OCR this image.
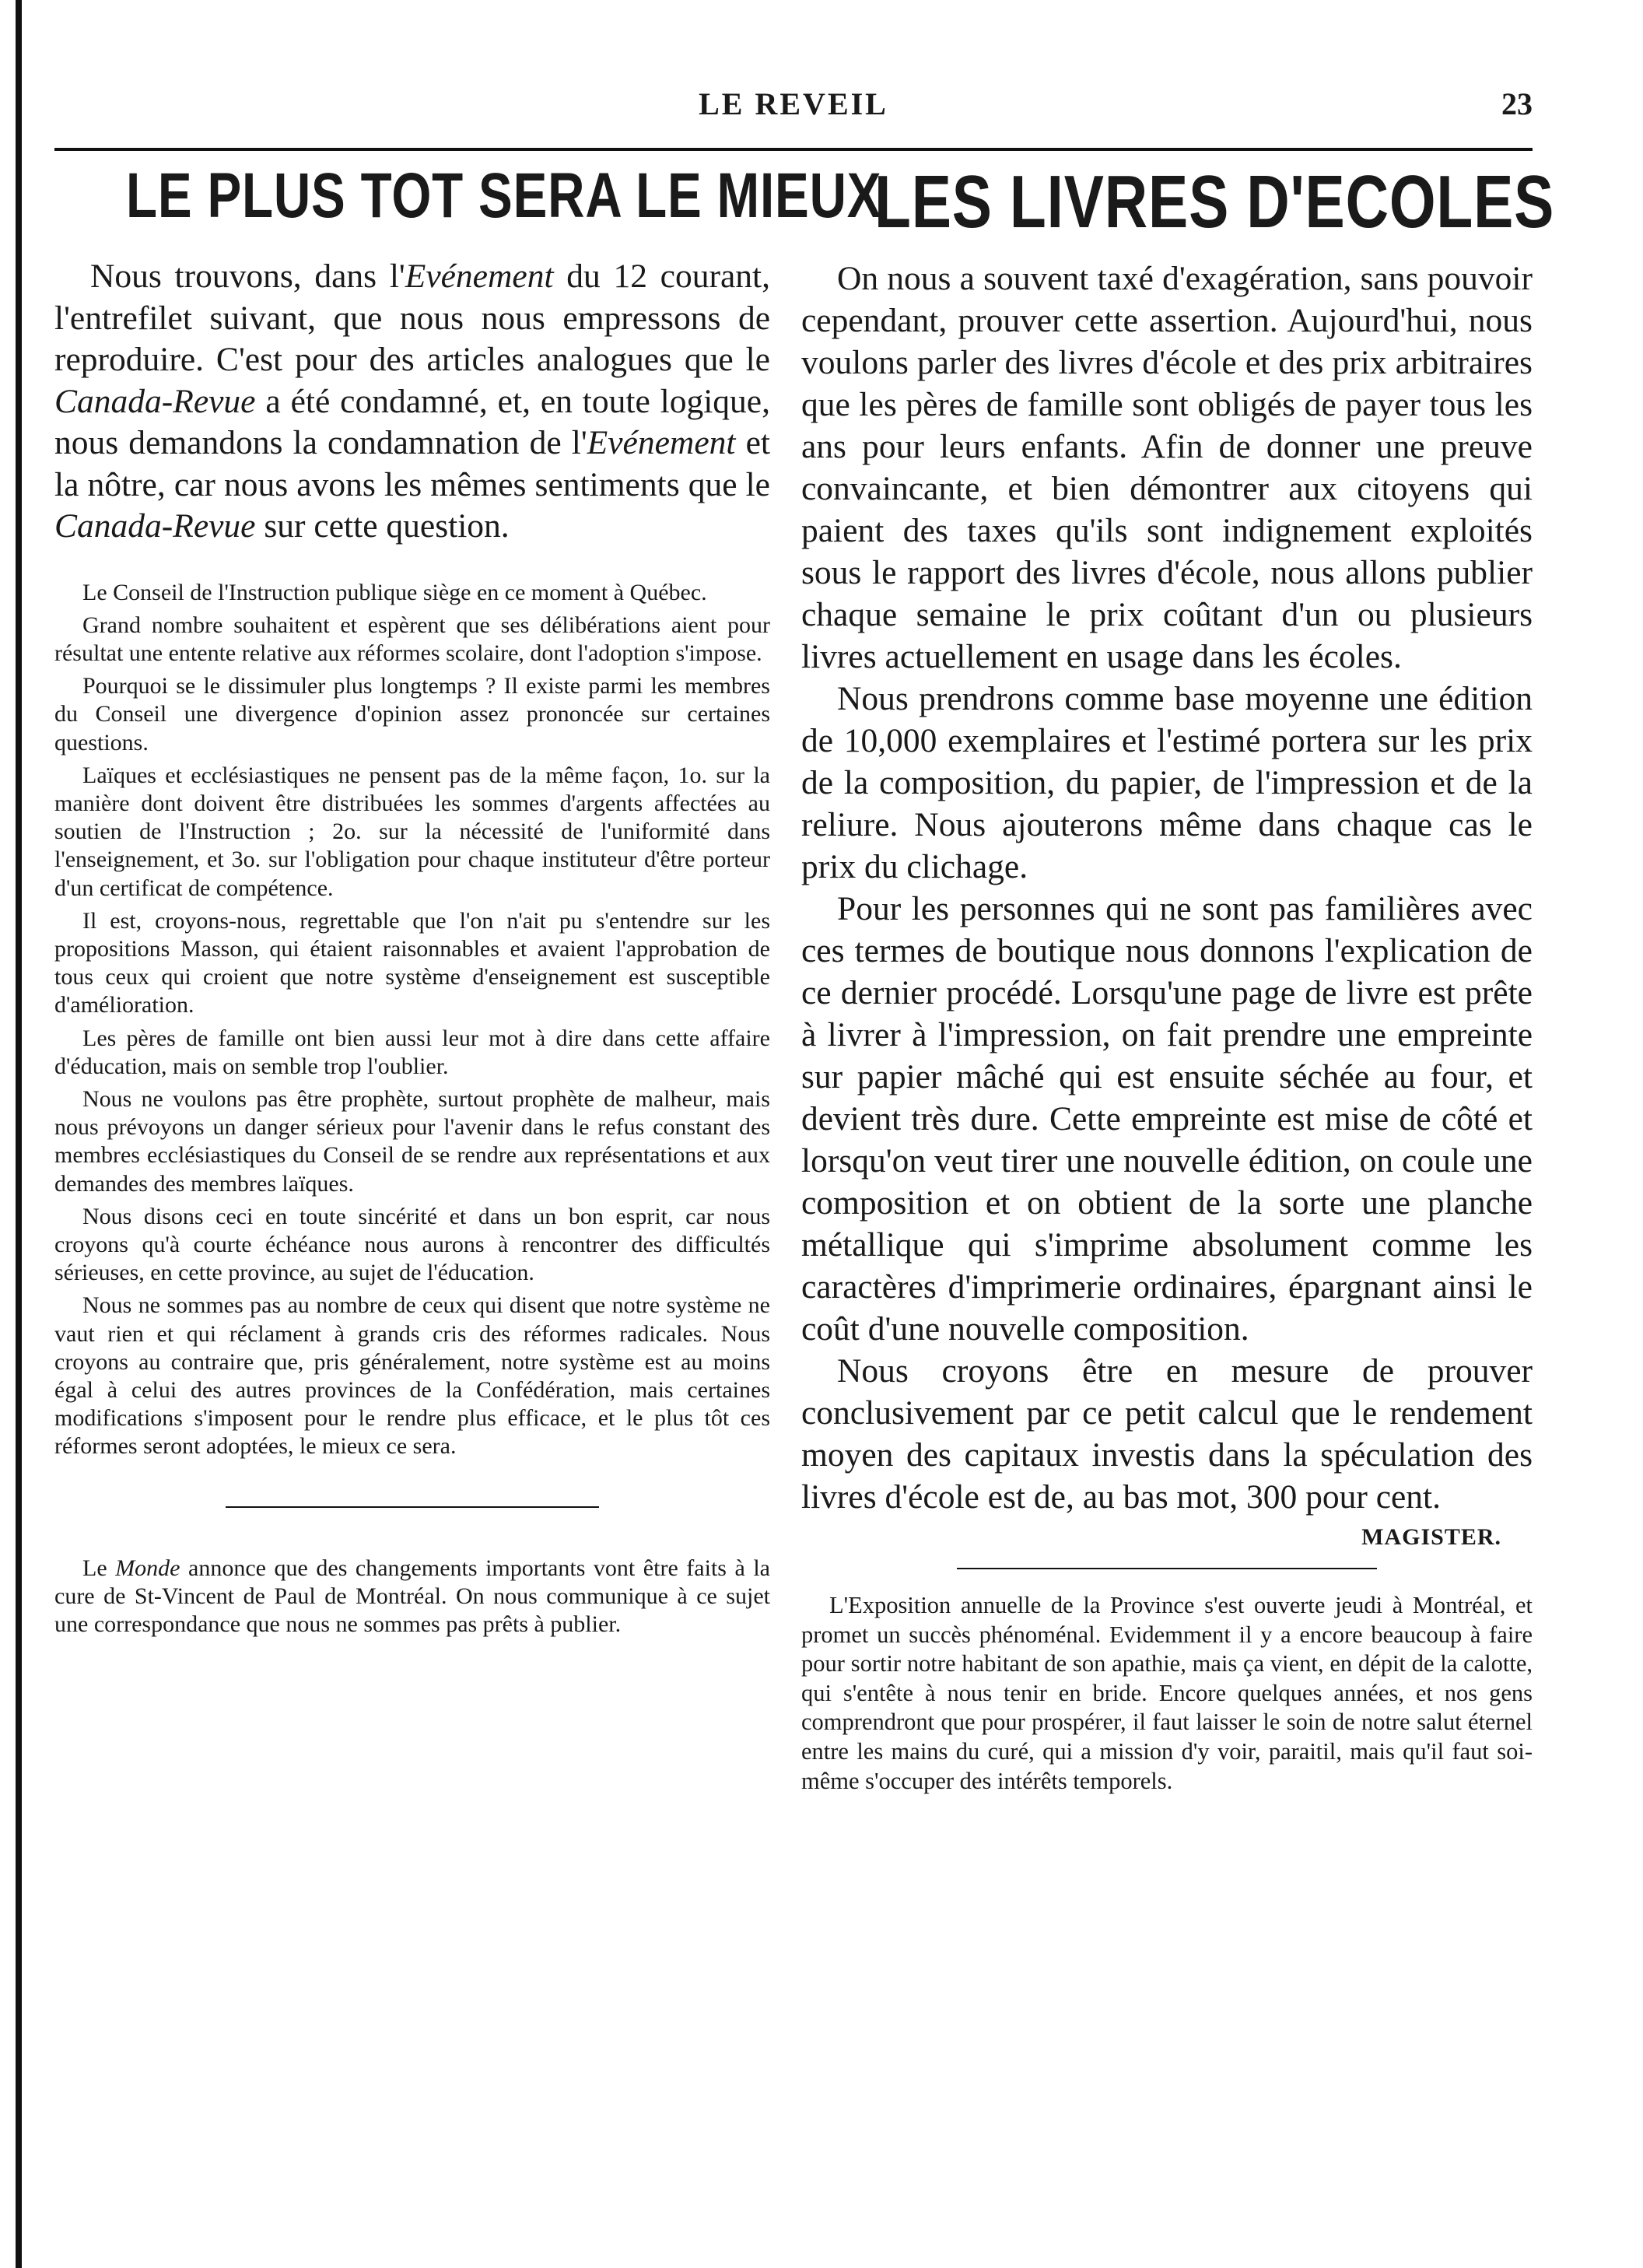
LE REVEIL	23
LE PLUS TOT SERA LE MIEUX

Nous trouvons, dans l'Evénement du 12 courant, l'entrefilet suivant, que nous nous empressons de reproduire. C'est pour des articles analogues que le Canada-Revue a été condamné, et, en toute logique, nous demandons la condamnation de l'Evénement et la nôtre, car nous avons les mêmes sentiments que le Canada-Revue sur cette question.

Le Conseil de l'Instruction publique siège en ce moment à Québec.

Grand nombre souhaitent et espèrent que ses délibérations aient pour résultat une entente relative aux réformes scolaire, dont l'adoption s'impose.

Pourquoi se le dissimuler plus longtemps ? Il existe parmi les membres du Conseil une divergence d'opinion assez prononcée sur certaines questions.

Laïques et ecclésiastiques ne pensent pas de la même façon, 1o. sur la manière dont doivent être distribuées les sommes d'argents affectées au soutien de l'Instruction ; 2o. sur la nécessité de l'uniformité dans l'enseignement, et 3o. sur l'obligation pour chaque instituteur d'être porteur d'un certificat de compétence.

Il est, croyons-nous, regrettable que l'on n'ait pu s'entendre sur les propositions Masson, qui étaient raisonnables et avaient l'approbation de tous ceux qui croient que notre système d'enseignement est susceptible d'amélioration.

Les pères de famille ont bien aussi leur mot à dire dans cette affaire d'éducation, mais on semble trop l'oublier.

Nous ne voulons pas être prophète, surtout prophète de malheur, mais nous prévoyons un danger sérieux pour l'avenir dans le refus constant des membres ecclésiastiques du Conseil de se rendre aux représentations et aux demandes des membres laïques.

Nous disons ceci en toute sincérité et dans un bon esprit, car nous croyons qu'à courte échéance nous aurons à rencontrer des difficultés sérieuses, en cette province, au sujet de l'éducation.

Nous ne sommes pas au nombre de ceux qui disent que notre système ne vaut rien et qui réclament à grands cris des réformes radicales. Nous croyons au contraire que, pris généralement, notre système est au moins égal à celui des autres provinces de la Confédération, mais certaines modifications s'imposent pour le rendre plus efficace, et le plus tôt ces réformes seront adoptées, le mieux ce sera.

Le Monde annonce que des changements importants vont être faits à la cure de St-Vincent de Paul de Montréal. On nous communique à ce sujet une correspondance que nous ne sommes pas prêts à publier.

LES LIVRES D'ECOLES

On nous a souvent taxé d'exagération, sans pouvoir cependant, prouver cette assertion. Aujourd'hui, nous voulons parler des livres d'école et des prix arbitraires que les pères de famille sont obligés de payer tous les ans pour leurs enfants. Afin de donner une preuve convaincante, et bien démontrer aux citoyens qui paient des taxes qu'ils sont indignement exploités sous le rapport des livres d'école, nous allons publier chaque semaine le prix coûtant d'un ou plusieurs livres actuellement en usage dans les écoles.

Nous prendrons comme base moyenne une édition de 10,000 exemplaires et l'estimé portera sur les prix de la composition, du papier, de l'impression et de la reliure. Nous ajouterons même dans chaque cas le prix du clichage.

Pour les personnes qui ne sont pas familières avec ces termes de boutique nous donnons l'explication de ce dernier procédé. Lorsqu'une page de livre est prête à livrer à l'impression, on fait prendre une empreinte sur papier mâché qui est ensuite séchée au four, et devient très dure. Cette empreinte est mise de côté et lorsqu'on veut tirer une nouvelle édition, on coule une composition et on obtient de la sorte une planche métallique qui s'imprime absolument comme les caractères d'imprimerie ordinaires, épargnant ainsi le coût d'une nouvelle composition.

Nous croyons être en mesure de prouver conclusivement par ce petit calcul que le rendement moyen des capitaux investis dans la spéculation des livres d'école est de, au bas mot, 300 pour cent.

MAGISTER.

L'Exposition annuelle de la Province s'est ouverte jeudi à Montréal, et promet un succès phénoménal. Evidemment il y a encore beaucoup à faire pour sortir notre habitant de son apathie, mais ça vient, en dépit de la calotte, qui s'entête à nous tenir en bride. Encore quelques années, et nos gens comprendront que pour prospérer, il faut laisser le soin de notre salut éternel entre les mains du curé, qui a mission d'y voir, paraitil, mais qu'il faut soi-même s'occuper des intérêts temporels.
